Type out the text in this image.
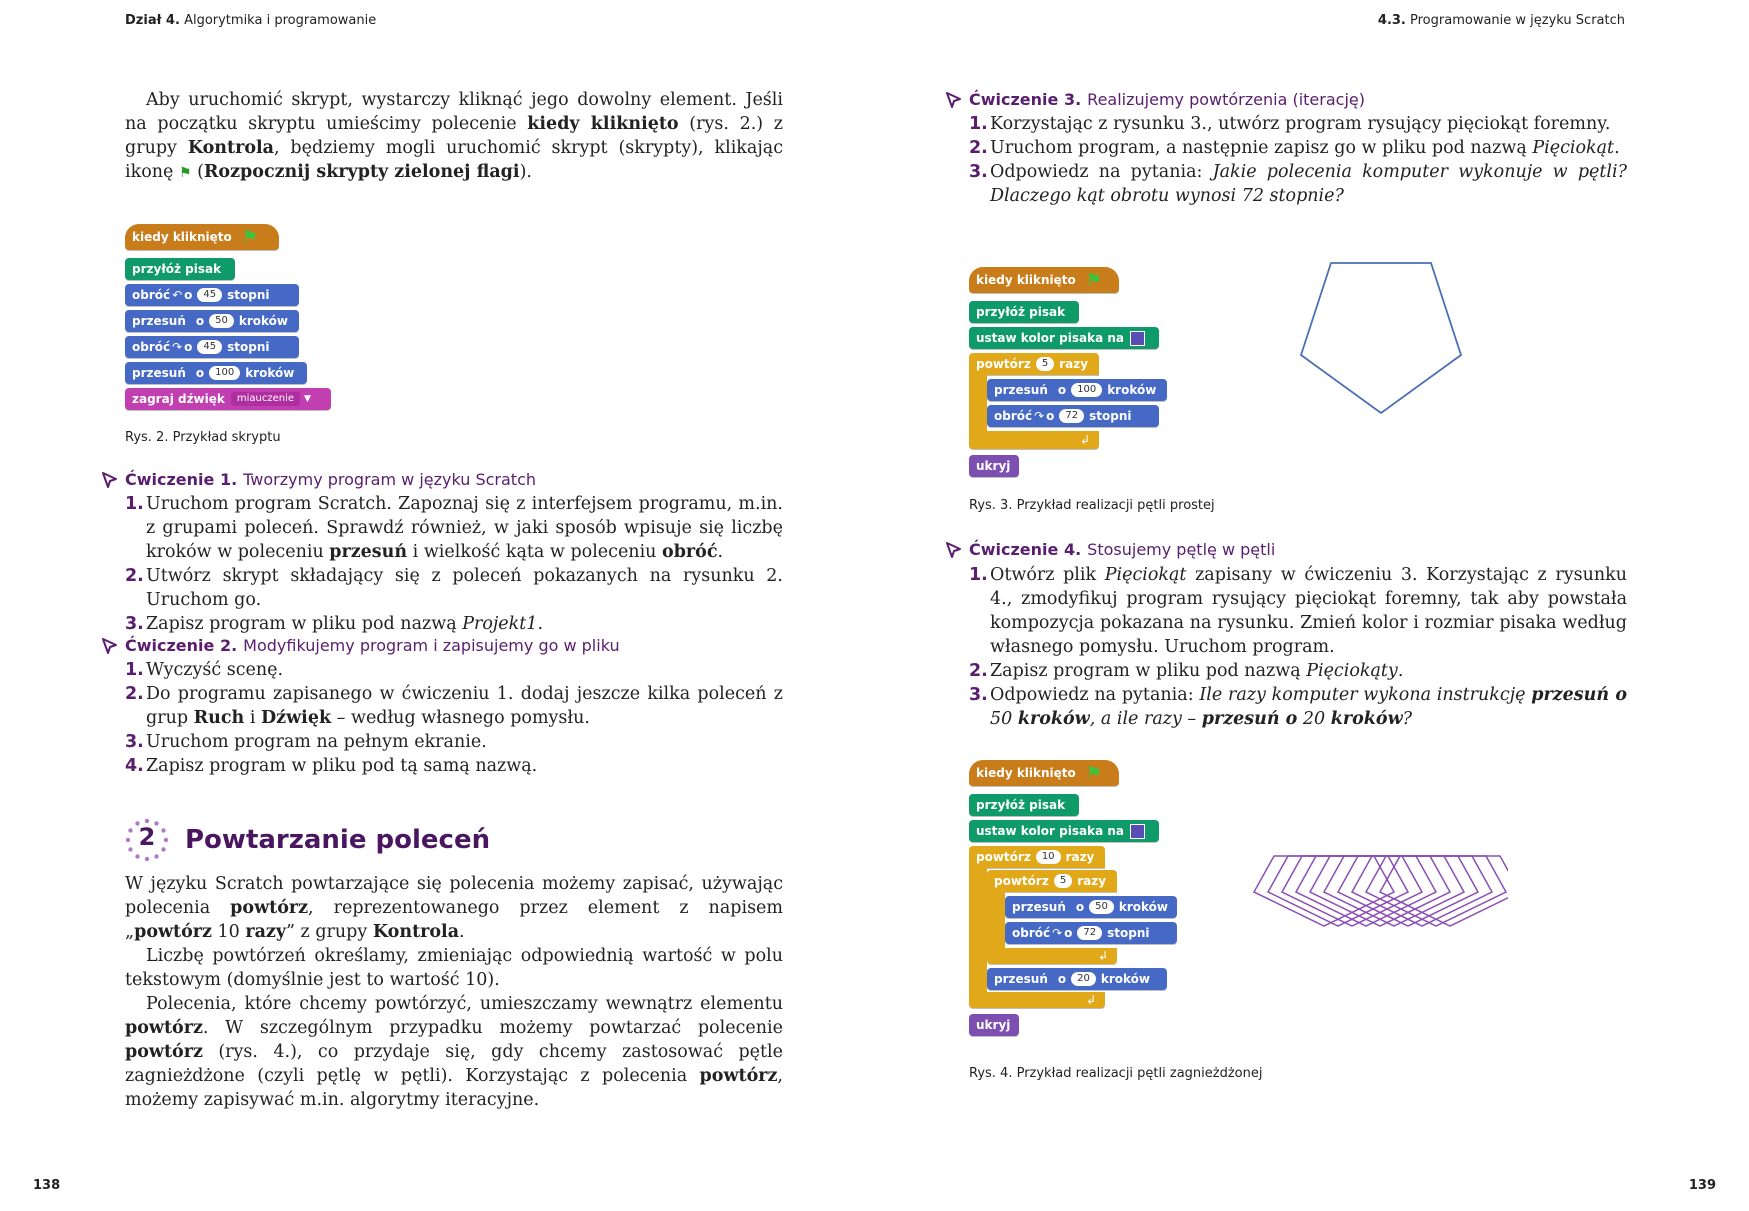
Dział 4. Algorytmika i programowanie	4.3. Programowanie w języku Scratch
138	139

Aby uruchomić skrypt, wystarczy kliknąć jego dowolny element. Jeśli na początku skryptu umieścimy polecenie kiedy kliknięto (rys. 2.) z grupy Kontrola, będziemy mogli uruchomić skrypt (skrypty), klikając ikonę ⚑ (Rozpocznij skrypty zielonej flagi).

kiedy kliknięto ⚑
przyłóż pisak
obróć ↶ o	45 stopni
przesuń o	50 kroków
obróć ↷ o	45 stopni
przesuń o	100 kroków
zagraj dźwięk	miauczenie	▼
Rys. 2. Przykład skryptu
Ćwiczenie 1. Tworzymy program w języku Scratch
1. Uruchom program Scratch. Zapoznaj się z interfejsem programu, m.in. z grupami poleceń. Sprawdź również, w jaki sposób wpisuje się liczbę kroków w poleceniu przesuń i wielkość kąta w poleceniu obróć.
2. Utwórz skrypt składający się z poleceń pokazanych na rysunku 2. Uruchom go.
3. Zapisz program w pliku pod nazwą Projekt1.
Ćwiczenie 2. Modyfikujemy program i zapisujemy go w pliku
1. Wyczyść scenę.
2. Do programu zapisanego w ćwiczeniu 1. dodaj jeszcze kilka poleceń z grup Ruch i Dźwięk – według własnego pomysłu.
3. Uruchom program na pełnym ekranie.
4. Zapisz program w pliku pod tą samą nazwą.
2	Powtarzanie poleceń

W języku Scratch powtarzające się polecenia możemy zapisać, używając polecenia powtórz, reprezentowanego przez element z napisem „powtórz 10 razy” z grupy Kontrola.

Liczbę powtórzeń określamy, zmieniając odpowiednią wartość w polu tekstowym (domyślnie jest to wartość 10).

Polecenia, które chcemy powtórzyć, umieszczamy wewnątrz elementu powtórz. W szczególnym przypadku możemy powtarzać polecenie powtórz (rys. 4.), co przydaje się, gdy chcemy zastosować pętle zagnieżdżone (czyli pętlę w pętli). Korzystając z polecenia powtórz, możemy zapisywać m.in. algorytmy iteracyjne.

Ćwiczenie 3. Realizujemy powtórzenia (iterację)
1. Korzystając z rysunku 3., utwórz program rysujący pięciokąt foremny.
2. Uruchom program, a następnie zapisz go w pliku pod nazwą Pięciokąt.
3. Odpowiedz na pytania: Jakie polecenia komputer wykonuje w pętli? Dlaczego kąt obrotu wynosi 72 stopnie?
kiedy kliknięto ⚑
przyłóż pisak
ustaw kolor pisaka na
powtórz	5 razy
przesuń o	100 kroków
obróć ↷ o	72 stopni
↲
ukryj
Rys. 3. Przykład realizacji pętli prostej
Ćwiczenie 4. Stosujemy pętlę w pętli
1. Otwórz plik Pięciokąt zapisany w ćwiczeniu 3. Korzystając z rysunku 4., zmodyfikuj program rysujący pięciokąt foremny, tak aby powstała kompozycja pokazana na rysunku. Zmień kolor i rozmiar pisaka według własnego pomysłu. Uruchom program.
2. Zapisz program w pliku pod nazwą Pięciokąty.
3. Odpowiedz na pytania: Ile razy komputer wykona instrukcję przesuń o 50 kroków, a ile razy – przesuń o 20 kroków?
kiedy kliknięto ⚑
przyłóż pisak
ustaw kolor pisaka na
powtórz	10 razy
powtórz	5 razy
przesuń o	50 kroków
obróć ↷ o	72 stopni
↲
przesuń o	20 kroków
↲
ukryj
Rys. 4. Przykład realizacji pętli zagnieżdżonej
